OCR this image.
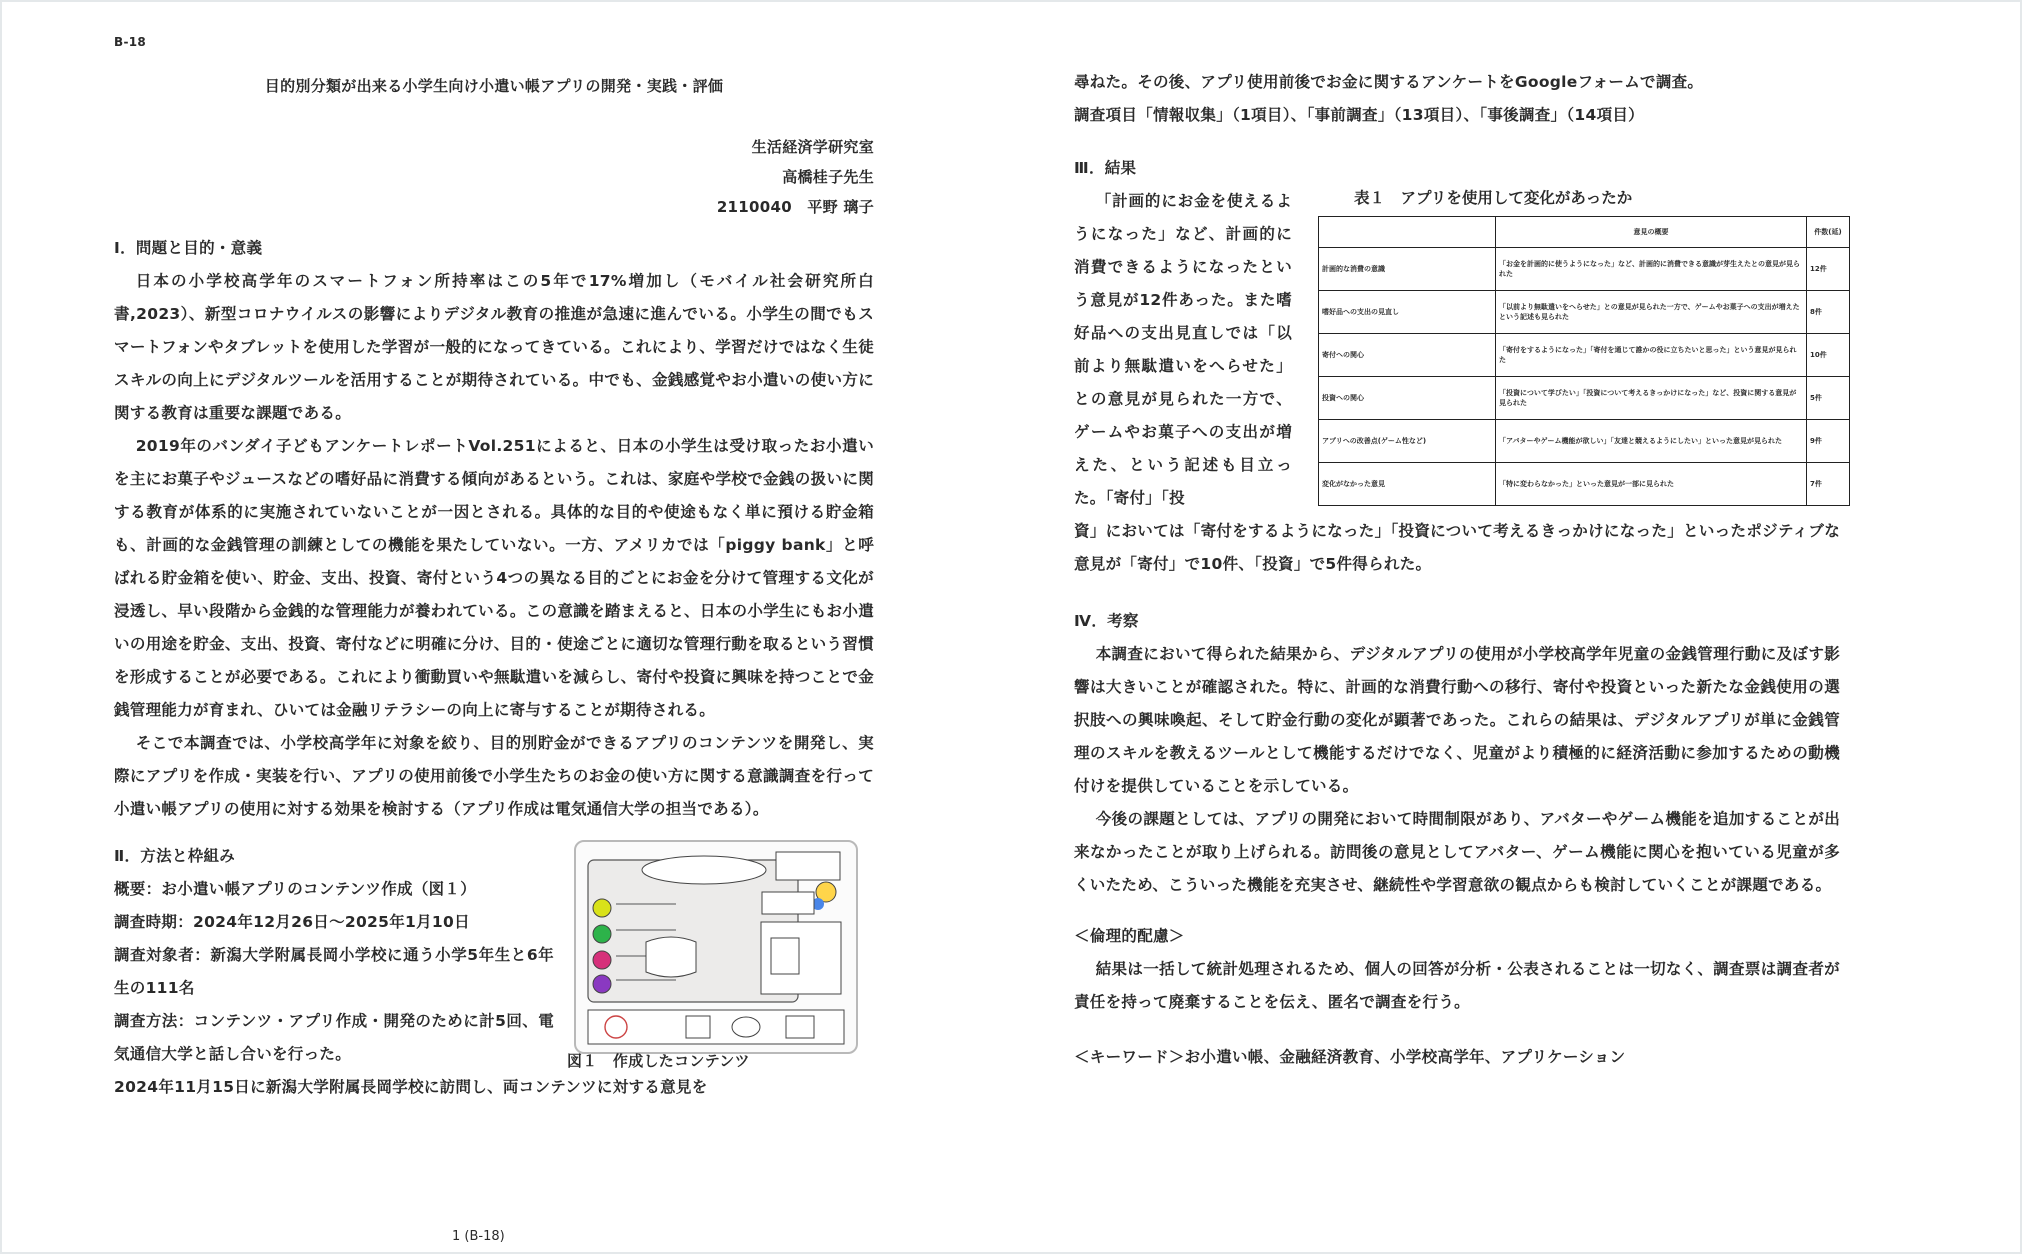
B-18

目的別分類が出来る小学生向け小遣い帳アプリの開発・実践・評価

生活経済学研究室

高橋桂子先生

2110040　平野 璃子

Ⅰ．問題と目的・意義

日本の小学校高学年のスマートフォン所持率はこの5年で17%増加し（モバイル社会研究所白書,2023）、新型コロナウイルスの影響によりデジタル教育の推進が急速に進んでいる。小学生の間でもスマートフォンやタブレットを使用した学習が一般的になってきている。これにより、学習だけではなく生徒スキルの向上にデジタルツールを活用することが期待されている。中でも、金銭感覚やお小遣いの使い方に関する教育は重要な課題である。

2019年のバンダイ子どもアンケートレポートVol.251によると、日本の小学生は受け取ったお小遣いを主にお菓子やジュースなどの嗜好品に消費する傾向があるという。これは、家庭や学校で金銭の扱いに関する教育が体系的に実施されていないことが一因とされる。具体的な目的や使途もなく単に預ける貯金箱も、計画的な金銭管理の訓練としての機能を果たしていない。一方、アメリカでは「piggy bank」と呼ばれる貯金箱を使い、貯金、支出、投資、寄付という4つの異なる目的ごとにお金を分けて管理する文化が浸透し、早い段階から金銭的な管理能力が養われている。この意識を踏まえると、日本の小学生にもお小遣いの用途を貯金、支出、投資、寄付などに明確に分け、目的・使途ごとに適切な管理行動を取るという習慣を形成することが必要である。これにより衝動買いや無駄遣いを減らし、寄付や投資に興味を持つことで金銭管理能力が育まれ、ひいては金融リテラシーの向上に寄与することが期待される。

そこで本調査では、小学校高学年に対象を絞り、目的別貯金ができるアプリのコンテンツを開発し、実際にアプリを作成・実装を行い、アプリの使用前後で小学生たちのお金の使い方に関する意識調査を行って小遣い帳アプリの使用に対する効果を検討する（アプリ作成は電気通信大学の担当である）。

Ⅱ．方法と枠組み

概要：お小遣い帳アプリのコンテンツ作成（図１）

調査時期：2024年12月26日～2025年1月10日

調査対象者：新潟大学附属長岡小学校に通う小学5年生と6年生の111名

調査方法：コンテンツ・アプリ作成・開発のために計5回、電気通信大学と話し合いを行った。

2024年11月15日に新潟大学附属長岡学校に訪問し、両コンテンツに対する意見を

図１　作成したコンテンツ

1 (B-18)

尋ねた。その後、アプリ使用前後でお金に関するアンケートをGoogleフォームで調査。

調査項目「情報収集」（1項目）、「事前調査」（13項目）、「事後調査」（14項目）

Ⅲ．結果

「計画的にお金を使えるようになった」など、計画的に消費できるようになったという意見が12件あった。また嗜好品への支出見直しでは「以前より無駄遣いをへらせた」との意見が見られた一方で、ゲームやお菓子への支出が増えた、という記述も目立った。「寄付」「投

資」においては「寄付をするようになった」「投資について考えるきっかけになった」といったポジティブな意見が「寄付」で10件、「投資」で5件得られた。

Ⅳ．考察

本調査において得られた結果から、デジタルアプリの使用が小学校高学年児童の金銭管理行動に及ぼす影響は大きいことが確認された。特に、計画的な消費行動への移行、寄付や投資といった新たな金銭使用の選択肢への興味喚起、そして貯金行動の変化が顕著であった。これらの結果は、デジタルアプリが単に金銭管理のスキルを教えるツールとして機能するだけでなく、児童がより積極的に経済活動に参加するための動機付けを提供していることを示している。

今後の課題としては、アプリの開発において時間制限があり、アバターやゲーム機能を追加することが出来なかったことが取り上げられる。訪問後の意見としてアバター、ゲーム機能に関心を抱いている児童が多くいたため、こういった機能を充実させ、継続性や学習意欲の観点からも検討していくことが課題である。

＜倫理的配慮＞

結果は一括して統計処理されるため、個人の回答が分析・公表されることは一切なく、調査票は調査者が責任を持って廃棄することを伝え、匿名で調査を行う。

＜キーワード＞お小遣い帳、金融経済教育、小学校高学年、アプリケーション

表１　アプリを使用して変化があったか

	意見の概要	件数(延)
計画的な消費の意識	「お金を計画的に使うようになった」など、計画的に消費できる意識が芽生えたとの意見が見られた	12件
嗜好品への支出の見直し	「以前より無駄遣いをへらせた」との意見が見られた一方で、ゲームやお菓子への支出が増えたという記述も見られた	8件
寄付への関心	「寄付をするようになった」「寄付を通じて誰かの役に立ちたいと思った」という意見が見られた	10件
投資への関心	「投資について学びたい」「投資について考えるきっかけになった」など、投資に関する意見が見られた	5件
アプリへの改善点(ゲーム性など)	「アバターやゲーム機能が欲しい」「友達と競えるようにしたい」といった意見が見られた	9件
変化がなかった意見	「特に変わらなかった」といった意見が一部に見られた	7件
